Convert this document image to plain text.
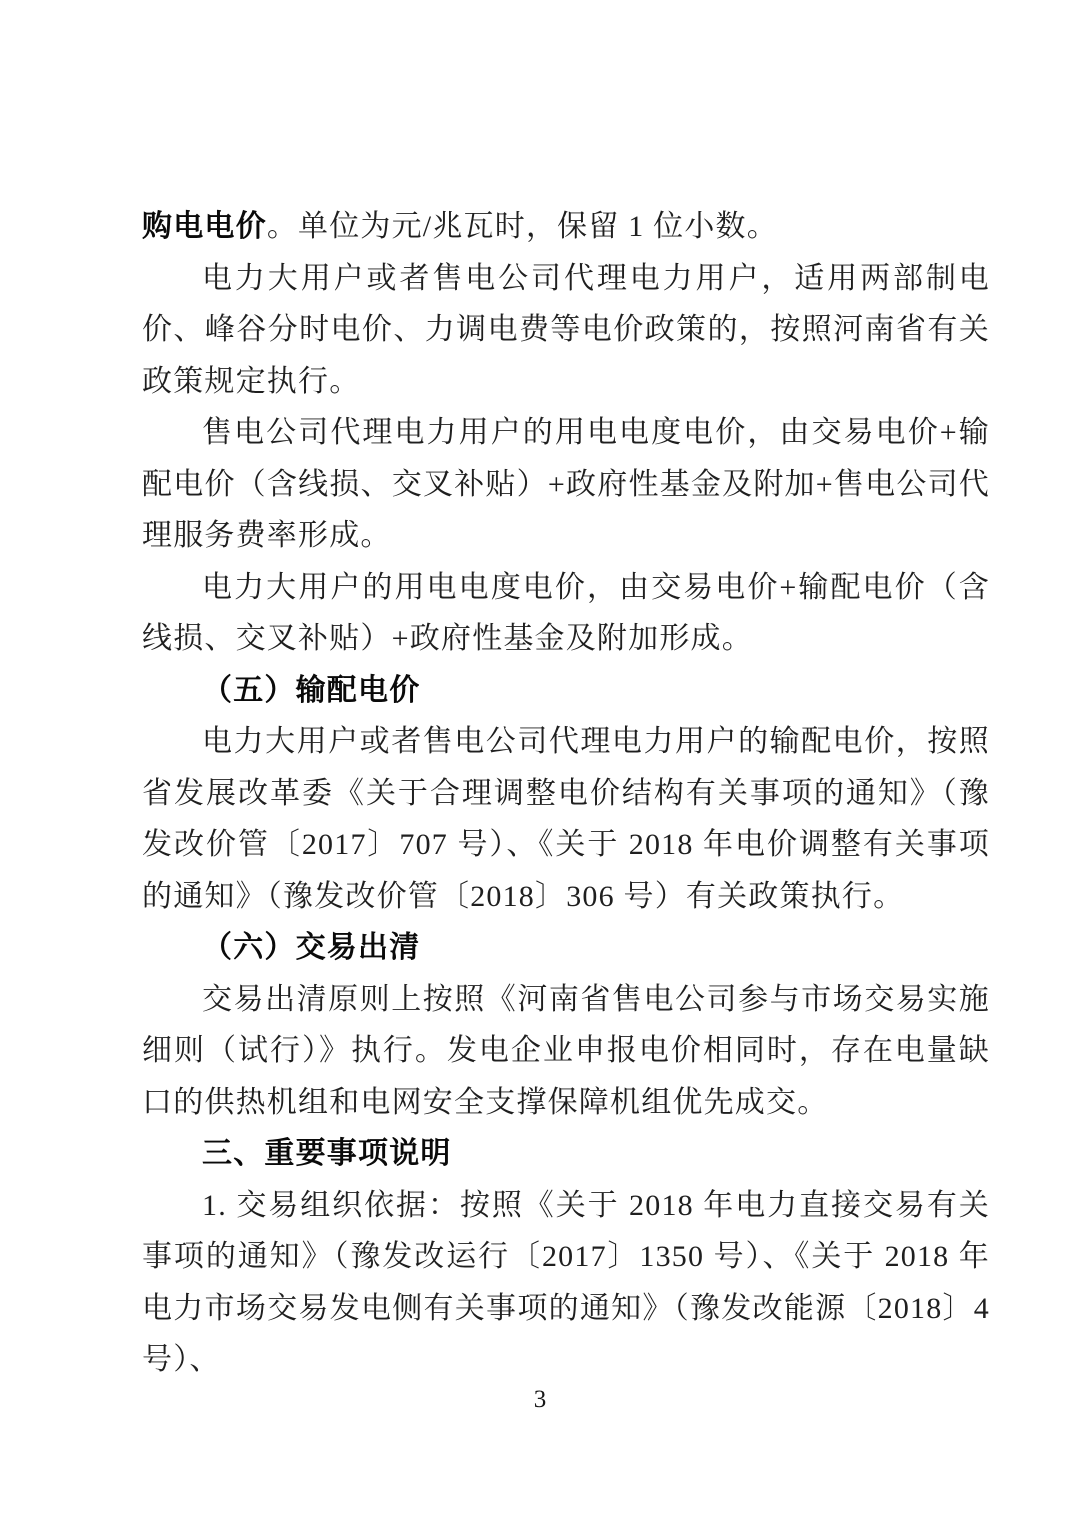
购电电价。单位为元/兆瓦时，保留 1 位小数。

电力大用户或者售电公司代理电力用户，适用两部制电价、峰谷分时电价、力调电费等电价政策的，按照河南省有关政策规定执行。

售电公司代理电力用户的用电电度电价，由交易电价+输配电价（含线损、交叉补贴）+政府性基金及附加+售电公司代理服务费率形成。

电力大用户的用电电度电价，由交易电价+输配电价（含线损、交叉补贴）+政府性基金及附加形成。

（五）输配电价

电力大用户或者售电公司代理电力用户的输配电价，按照省发展改革委《关于合理调整电价结构有关事项的通知》（豫发改价管〔2017〕707 号）、《关于 2018 年电价调整有关事项的通知》（豫发改价管〔2018〕306 号）有关政策执行。

（六）交易出清

交易出清原则上按照《河南省售电公司参与市场交易实施细则（试行）》执行。发电企业申报电价相同时，存在电量缺口的供热机组和电网安全支撑保障机组优先成交。

三、重要事项说明

1. 交易组织依据：按照《关于 2018 年电力直接交易有关事项的通知》（豫发改运行〔2017〕1350 号）、《关于 2018 年电力市场交易发电侧有关事项的通知》（豫发改能源〔2018〕4 号）、

3
